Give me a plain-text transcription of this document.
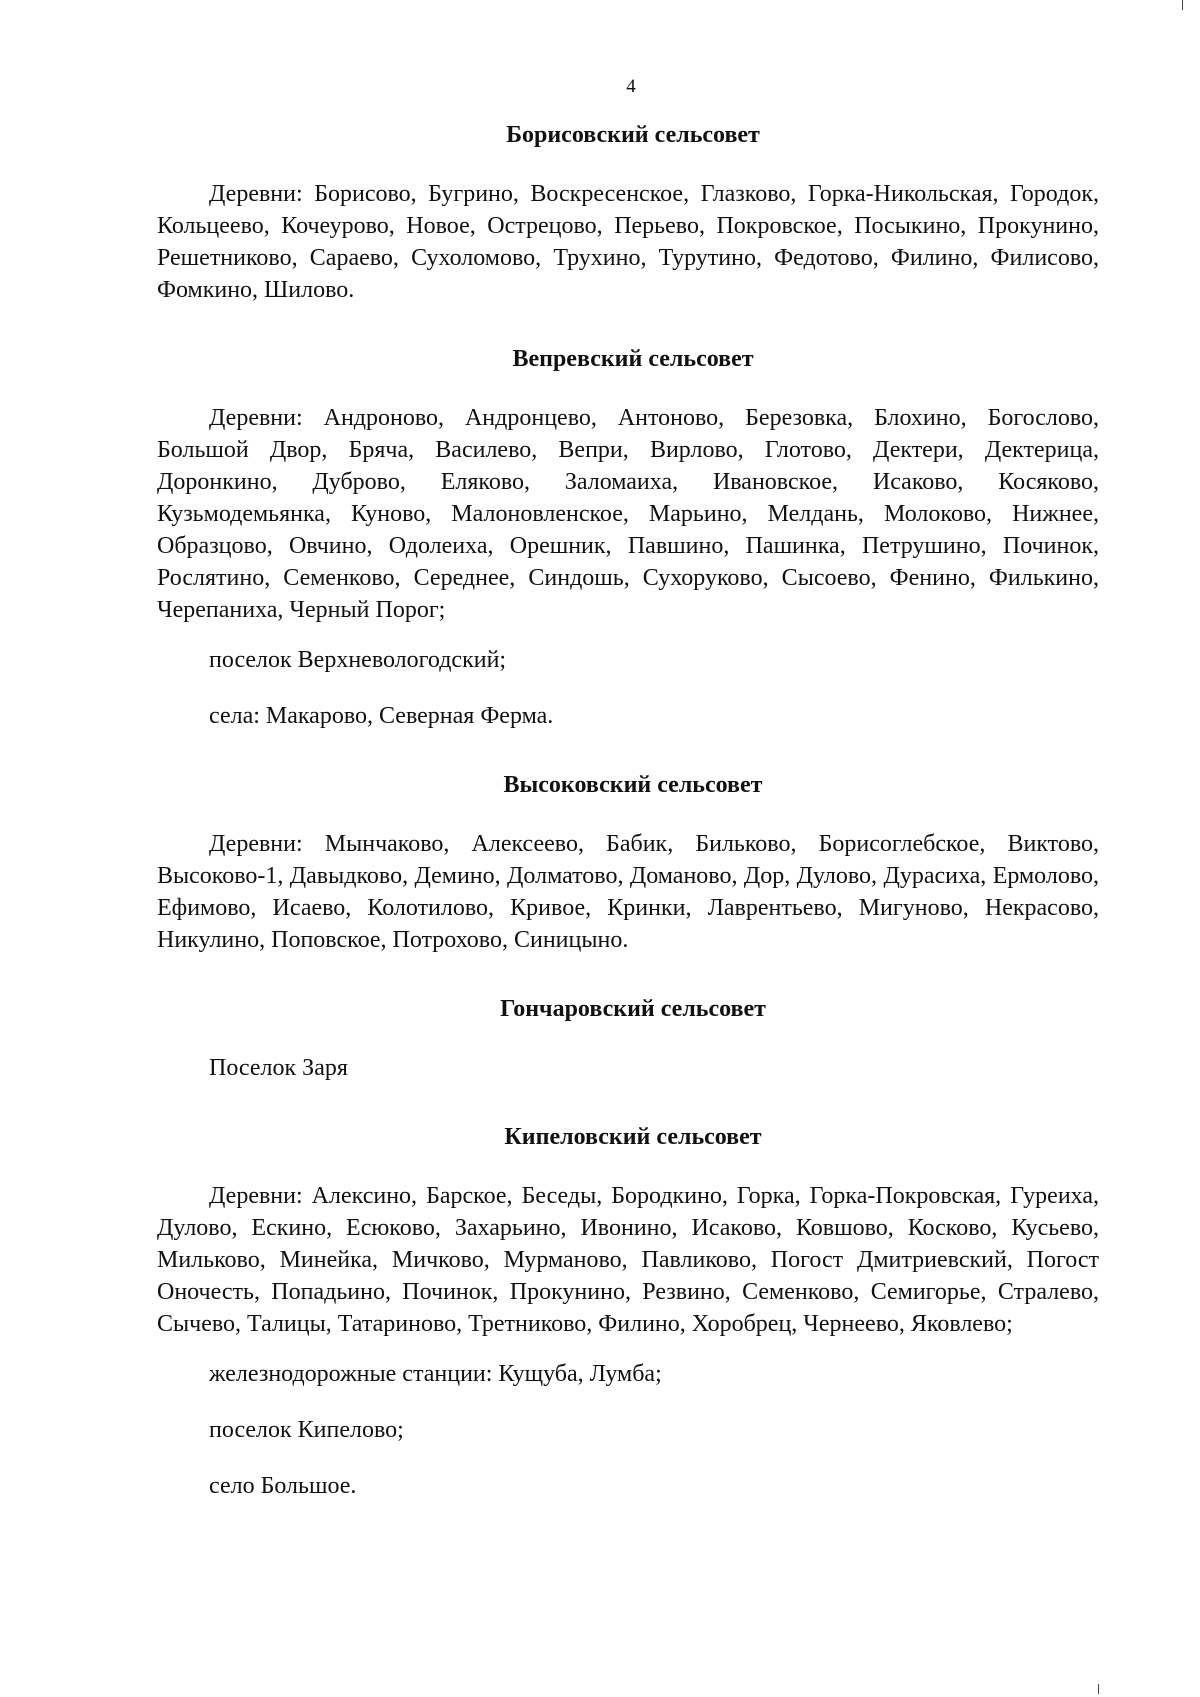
4
Борисовский сельсовет

Деревни: Борисово, Бугрино, Воскресенское, Глазково, Горка-Никольская, Городок, Кольцеево, Кочеурово, Новое, Острецово, Перьево, Покровское, Посыкино, Прокунино, Решетниково, Сараево, Сухоломово, Трухино, Турутино, Федотово, Филино, Филисово, Фомкино, Шилово.

Вепревский сельсовет

Деревни: Андроново, Андронцево, Антоново, Березовка, Блохино, Богослово, Большой Двор, Бряча, Василево, Вепри, Вирлово, Глотово, Дектери, Дектерица, Доронкино, Дуброво, Еляково, Заломаиха, Ивановское, Исаково, Косяково, Кузьмодемьянка, Куново, Малоновленское, Марьино, Мелдань, Молоково, Нижнее, Образцово, Овчино, Одолеиха, Орешник, Павшино, Пашинка, Петрушино, Починок, Рослятино, Семенково, Середнее, Синдошь, Сухоруково, Сысоево, Фенино, Филькино, Черепаниха, Черный Порог;

поселок Верхневологодский;

села: Макарово, Северная Ферма.

Высоковский сельсовет

Деревни: Мынчаково, Алексеево, Бабик, Бильково, Борисоглебское, Виктово, Высоково-1, Давыдково, Демино, Долматово, Доманово, Дор, Дулово, Дурасиха, Ермолово, Ефимово, Исаево, Колотилово, Кривое, Кринки, Лаврентьево, Мигуново, Некрасово, Никулино, Поповское, Потрохово, Синицыно.

Гончаровский сельсовет

Поселок Заря

Кипеловский сельсовет

Деревни: Алексино, Барское, Беседы, Бородкино, Горка, Горка-Покровская, Гуреиха, Дулово, Ескино, Есюково, Захарьино, Ивонино, Исаково, Ковшово, Косково, Кусьево, Мильково, Минейка, Мичково, Мурманово, Павликово, Погост Дмитриевский, Погост Оночесть, Попадьино, Починок, Прокунино, Резвино, Семенково, Семигорье, Стралево, Сычево, Талицы, Татариново, Третниково, Филино, Хоробрец, Чернеево, Яковлево;

железнодорожные станции: Кущуба, Лумба;

поселок Кипелово;

село Большое.
